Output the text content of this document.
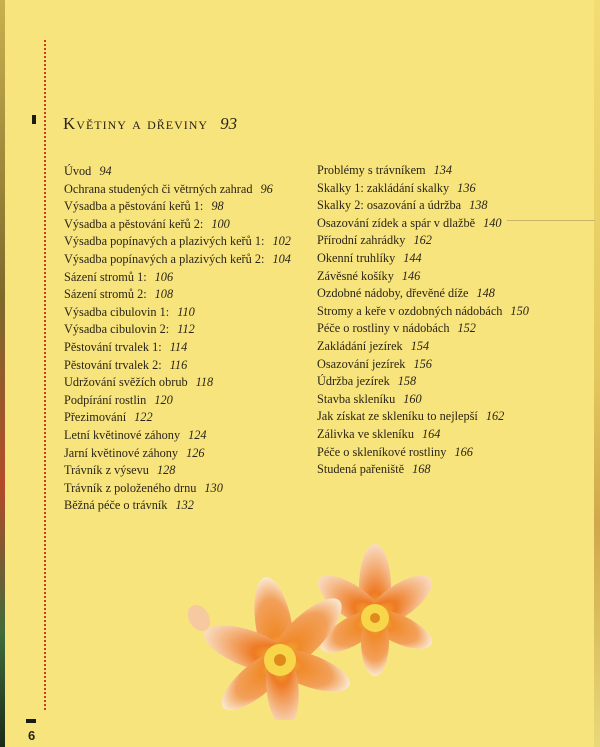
6
Květiny a dřeviny 93
Úvod 94
Ochrana studených či větrných zahrad 96
Výsadba a pěstování keřů 1: 98
Výsadba a pěstování keřů 2: 100
Výsadba popínavých a plazivých keřů 1: 102
Výsadba popínavých a plazivých keřů 2: 104
Sázení stromů 1: 106
Sázení stromů 2: 108
Výsadba cibulovin 1: 110
Výsadba cibulovin 2: 112
Pěstování trvalek 1: 114
Pěstování trvalek 2: 116
Udržování svěžích obrub 118
Podpírání rostlin 120
Přezimování 122
Letní květinové záhony 124
Jarní květinové záhony 126
Trávník z výsevu 128
Trávník z položeného drnu 130
Běžná péče o trávník 132
Problémy s trávníkem 134
Skalky 1: zakládání skalky 136
Skalky 2: osazování a údržba 138
Osazování zídek a spár v dlažbě 140
Přírodní zahrádky 162
Okenní truhlíky 144
Závěsné košíky 146
Ozdobné nádoby, dřevěné díže 148
Stromy a keře v ozdobných nádobách 150
Péče o rostliny v nádobách 152
Zakládání jezírek 154
Osazování jezírek 156
Údržba jezírek 158
Stavba skleníku 160
Jak získat ze skleníku to nejlepší 162
Zálivka ve skleníku 164
Péče o skleníkové rostliny 166
Studená pařeniště 168
